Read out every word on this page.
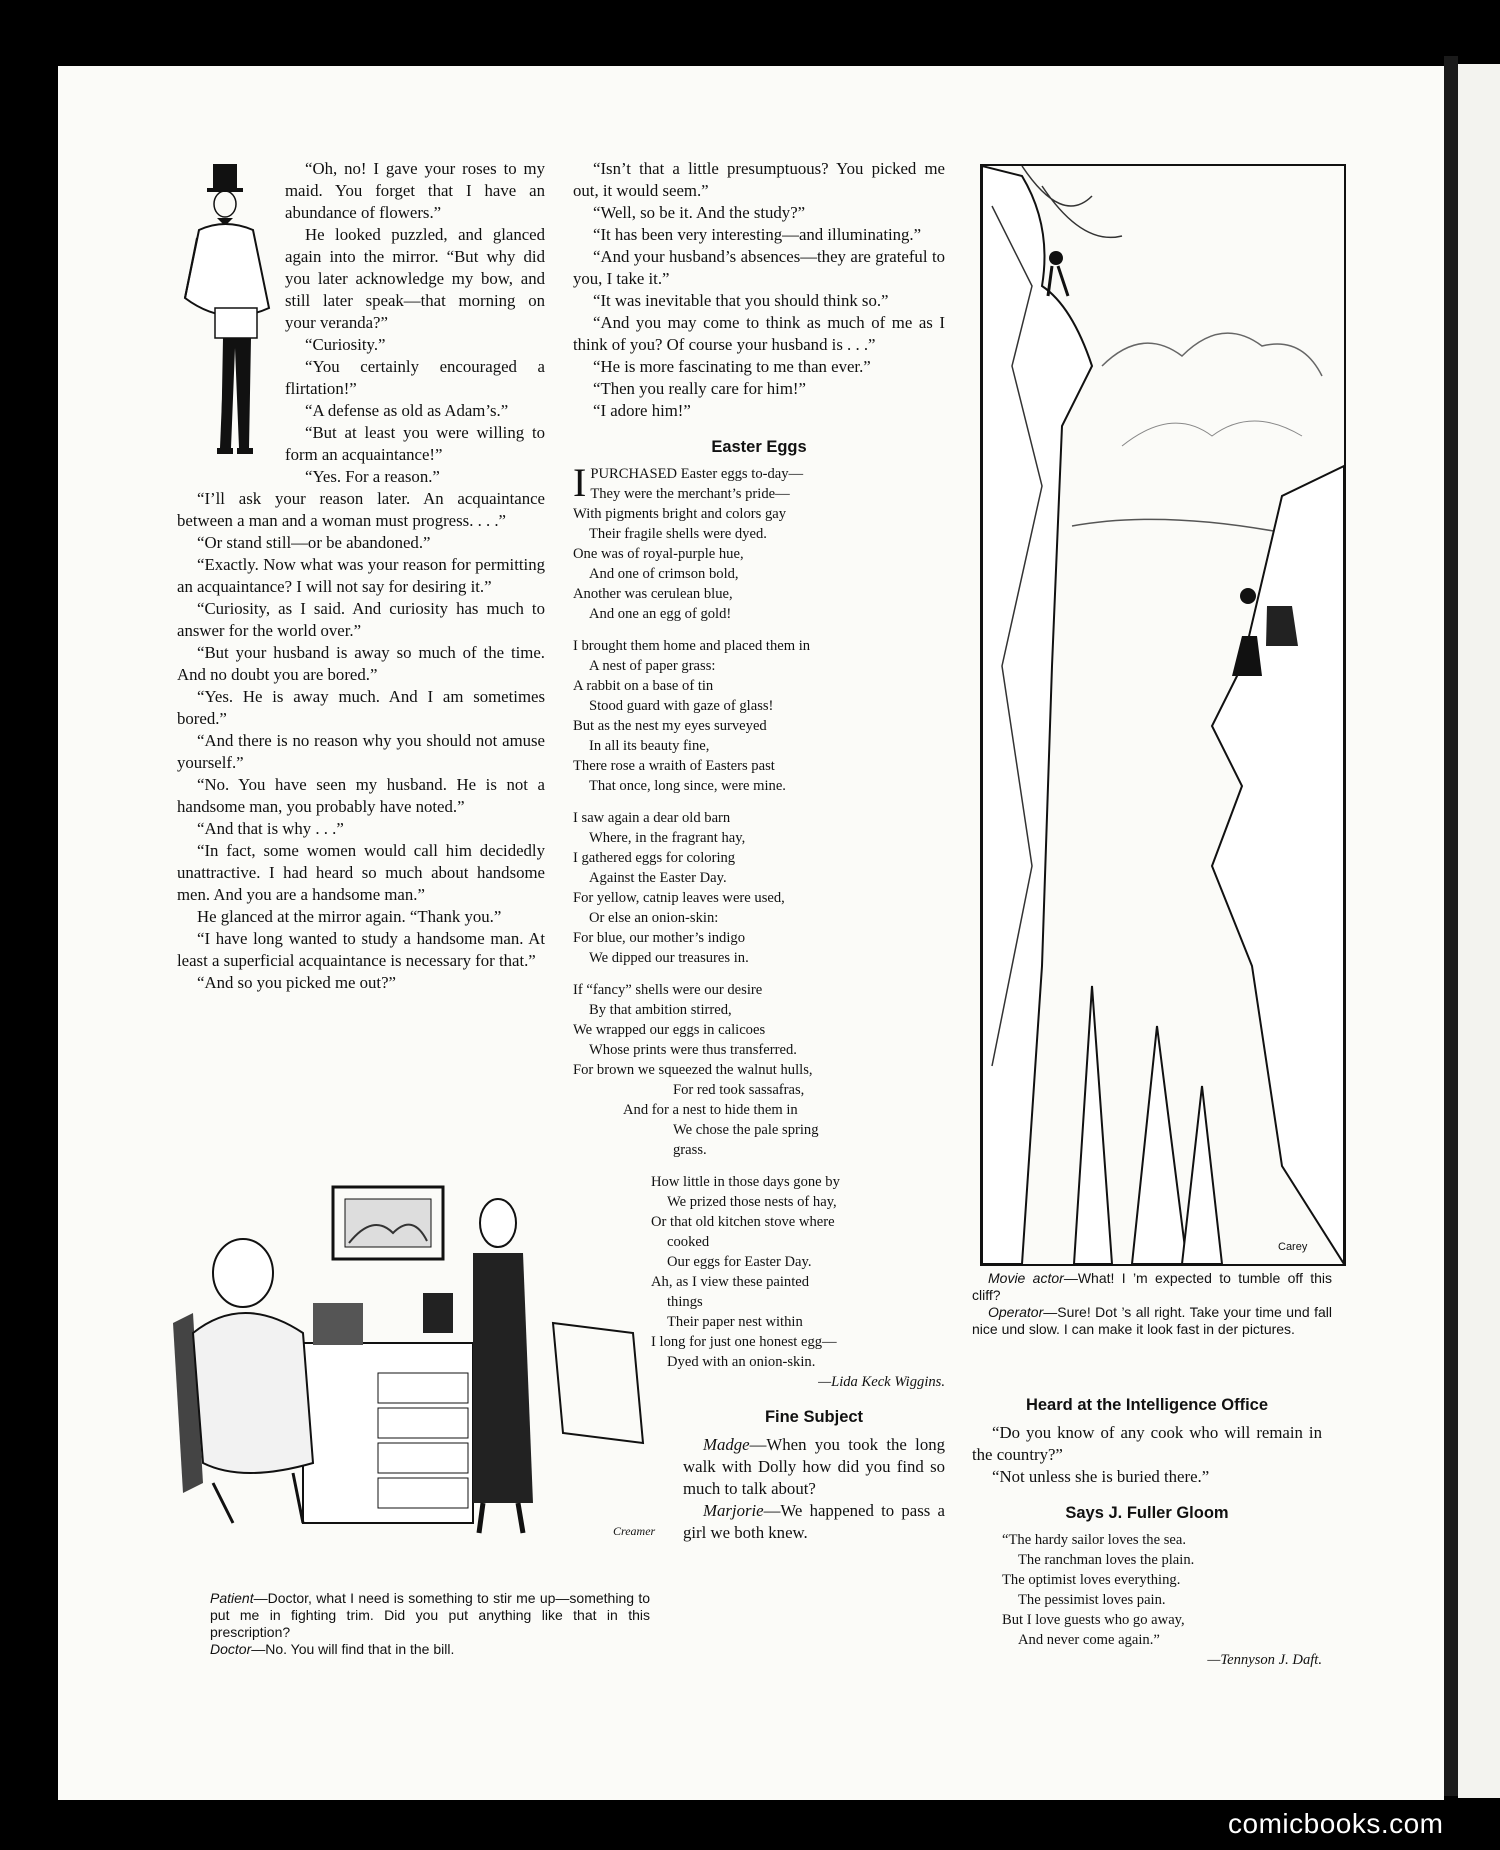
“Oh, no! I gave your roses to my maid. You forget that I have an abundance of flowers.”

He looked puzzled, and glanced again into the mirror. “But why did you later acknowledge my bow, and still later speak—that morning on your veranda?”

“Curiosity.”

“You certainly encouraged a flirtation!”

“A defense as old as Adam’s.”

“But at least you were willing to form an acquaintance!”

“Yes. For a reason.”

“I’ll ask your reason later. An acquaintance between a man and a woman must progress. . . .”

“Or stand still—or be abandoned.”

“Exactly. Now what was your reason for permitting an acquaintance? I will not say for desiring it.”

“Curiosity, as I said. And curiosity has much to answer for the world over.”

“But your husband is away so much of the time. And no doubt you are bored.”

“Yes. He is away much. And I am sometimes bored.”

“And there is no reason why you should not amuse yourself.”

“No. You have seen my husband. He is not a handsome man, you probably have noted.”

“And that is why . . .”

“In fact, some women would call him decidedly unattractive. I had heard so much about handsome men. And you are a handsome man.”

He glanced at the mirror again. “Thank you.”

“I have long wanted to study a handsome man. At least a superficial acquaintance is necessary for that.”

“And so you picked me out?”

“Isn’t that a little presumptuous? You picked me out, it would seem.”

“Well, so be it. And the study?”

“It has been very interesting—and illuminating.”

“And your husband’s absences—they are grateful to you, I take it.”

“It was inevitable that you should think so.”

“And you may come to think as much of me as I think of you? Of course your husband is . . .”

“He is more fascinating to me than ever.”

“Then you really care for him!”

“I adore him!”

Easter Eggs
I PURCHASED Easter eggs to-day—
They were the merchant’s pride—
With pigments bright and colors gay
Their fragile shells were dyed.
One was of royal-purple hue,
And one of crimson bold,
Another was cerulean blue,
And one an egg of gold!
I brought them home and placed them in
A nest of paper grass:
A rabbit on a base of tin
Stood guard with gaze of glass!
But as the nest my eyes surveyed
In all its beauty fine,
There rose a wraith of Easters past
That once, long since, were mine.
I saw again a dear old barn
Where, in the fragrant hay,
I gathered eggs for coloring
Against the Easter Day.
For yellow, catnip leaves were used,
Or else an onion-skin:
For blue, our mother’s indigo
We dipped our treasures in.
If “fancy” shells were our desire
By that ambition stirred,
We wrapped our eggs in calicoes
Whose prints were thus transferred.
For brown we squeezed the walnut hulls,
For red took sassafras,
And for a nest to hide them in
We chose the pale spring
grass.
How little in those days gone by
We prized those nests of hay,
Or that old kitchen stove where
cooked
Our eggs for Easter Day.
Ah, as I view these painted
things
Their paper nest within
I long for just one honest egg—
Dyed with an onion-skin.
—Lida Keck Wiggins.
Fine Subject

Madge—When you took the long walk with Dolly how did you find so much to talk about?

Marjorie—We happened to pass a girl we both knew.

Creamer

Patient—Doctor, what I need is something to stir me up—something to put me in fighting trim. Did you put anything like that in this prescription?

Doctor—No. You will find that in the bill.

Carey

Movie actor—What! I ’m expected to tumble off this cliff?

Operator—Sure! Dot ’s all right. Take your time und fall nice und slow. I can make it look fast in der pictures.

Heard at the Intelligence Office

“Do you know of any cook who will remain in the country?”

“Not unless she is buried there.”

Says J. Fuller Gloom
“The hardy sailor loves the sea.
The ranchman loves the plain.
The optimist loves everything.
The pessimist loves pain.
But I love guests who go away,
And never come again.”
—Tennyson J. Daft.
comicbooks.com
